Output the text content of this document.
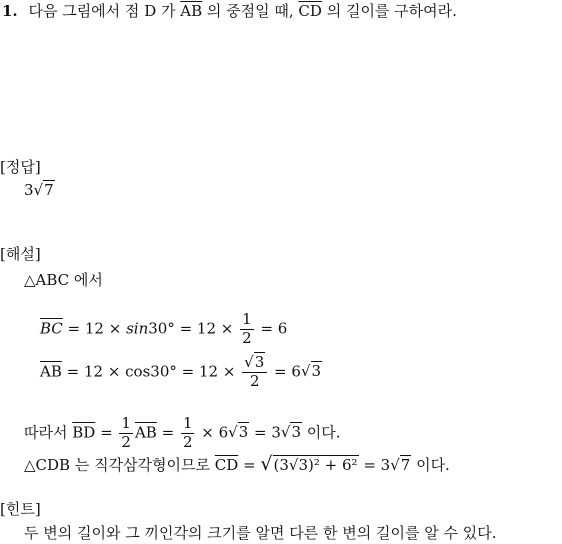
1. 다음 그림에서 점 D 가 $\overline{AB}$ 의 중점일 때, $\overline{CD}$ 의 길이를 구하여라.
[정답]
3√7
[해설]
△ABC 에서
$\overline{BC} = 12 \times \sin 30^\circ = 12 \times \frac{1}{2} = 6$
$\overline{AB} = 12 \times \cos 30^\circ = 12 \times \frac{√3}{2} = 6√3$
따라서 $\overline{BD} = \frac{1}{2} \overline{AB} = \frac{1}{2} \times 6√3 = 3√3$ 이다.
△CDB 는 직각삼각형이므로 $\overline{CD} = √(3√3)^2 + 6^2 = 3√7$ 이다.
[힌트]
두 변의 길이와 그 끼인각의 크기를 알면 다른 한 변의 길이를 알 수 있다.
